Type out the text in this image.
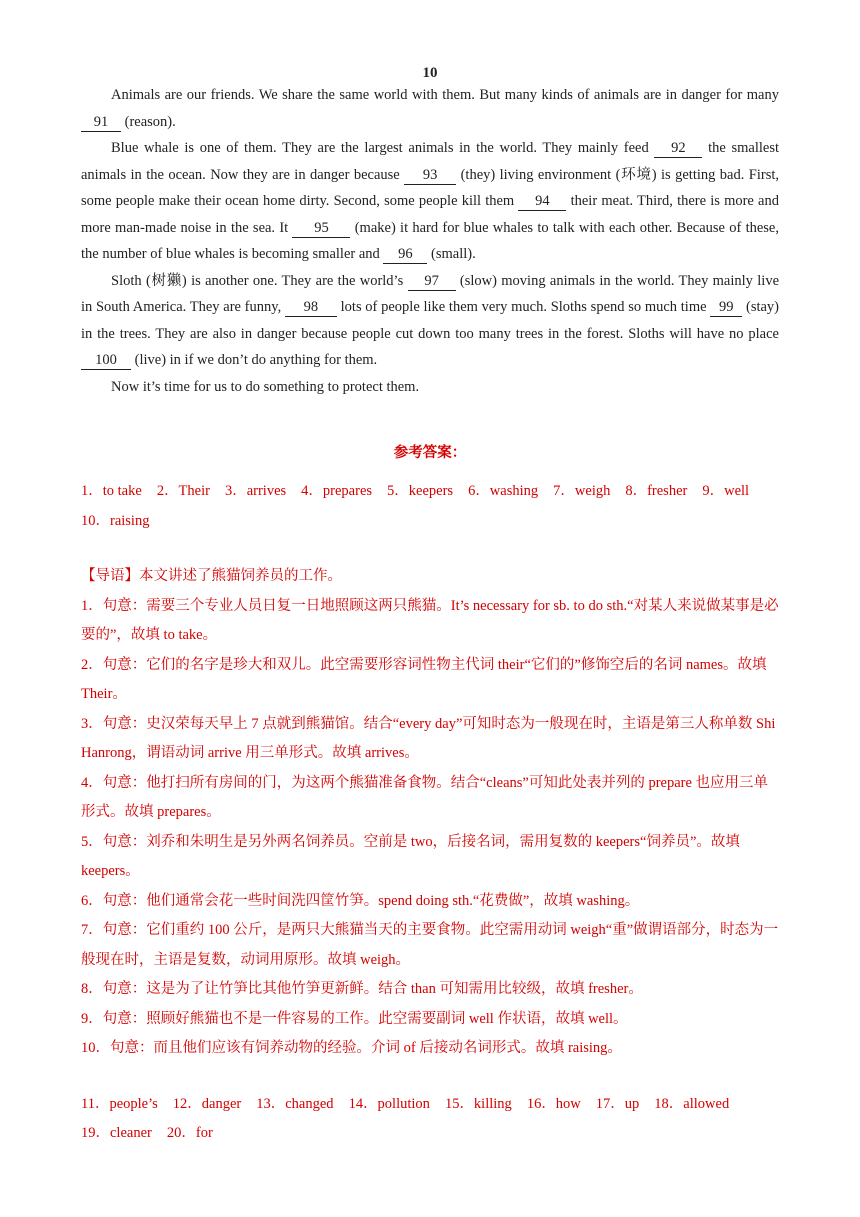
10

Animals are our friends. We share the same world with them. But many kinds of animals are in danger for many 91 (reason).

Blue whale is one of them. They are the largest animals in the world. They mainly feed 92 the smallest animals in the ocean. Now they are in danger because 93 (they) living environment (环境) is getting bad. First, some people make their ocean home dirty. Second, some people kill them 94 their meat. Third, there is more and more man-made noise in the sea. It 95 (make) it hard for blue whales to talk with each other. Because of these, the number of blue whales is becoming smaller and 96 (small).

Sloth (树獭) is another one. They are the world’s 97 (slow) moving animals in the world. They mainly live in South America. They are funny, 98 lots of people like them very much. Sloths spend so much time 99 (stay) in the trees. They are also in danger because people cut down too many trees in the forest. Sloths will have no place 100 (live) in if we don’t do anything for them.

Now it’s time for us to do something to protect them.

参考答案：
1．to take 2．Their 3．arrives 4．prepares 5．keepers 6．washing 7．weigh 8．fresher 9．well
10．raising

【导语】本文讲述了熊猫饲养员的工作。

1．句意：需要三个专业人员日复一日地照顾这两只熊猫。It’s necessary for sb. to do sth.“对某人来说做某事是必要的”，故填 to take。

2．句意：它们的名字是珍大和双儿。此空需要形容词性物主代词 their“它们的”修饰空后的名词 names。故填 Their。

3．句意：史汉荣每天早上 7 点就到熊猫馆。结合“every day”可知时态为一般现在时，主语是第三人称单数 Shi Hanrong，谓语动词 arrive 用三单形式。故填 arrives。

4．句意：他打扫所有房间的门，为这两个熊猫准备食物。结合“cleans”可知此处表并列的 prepare 也应用三单形式。故填 prepares。

5．句意：刘乔和朱明生是另外两名饲养员。空前是 two，后接名词，需用复数的 keepers“饲养员”。故填 keepers。

6．句意：他们通常会花一些时间洗四筐竹笋。spend doing sth.“花费做”，故填 washing。

7．句意：它们重约 100 公斤，是两只大熊猫当天的主要食物。此空需用动词 weigh“重”做谓语部分，时态为一般现在时，主语是复数，动词用原形。故填 weigh。

8．句意：这是为了让竹笋比其他竹笋更新鲜。结合 than 可知需用比较级，故填 fresher。

9．句意：照顾好熊猫也不是一件容易的工作。此空需要副词 well 作状语，故填 well。

10．句意：而且他们应该有饲养动物的经验。介词 of 后接动名词形式。故填 raising。

11．people’s 12．danger 13．changed 14．pollution 15．killing 16．how 17．up 18．allowed
19．cleaner 20．for
